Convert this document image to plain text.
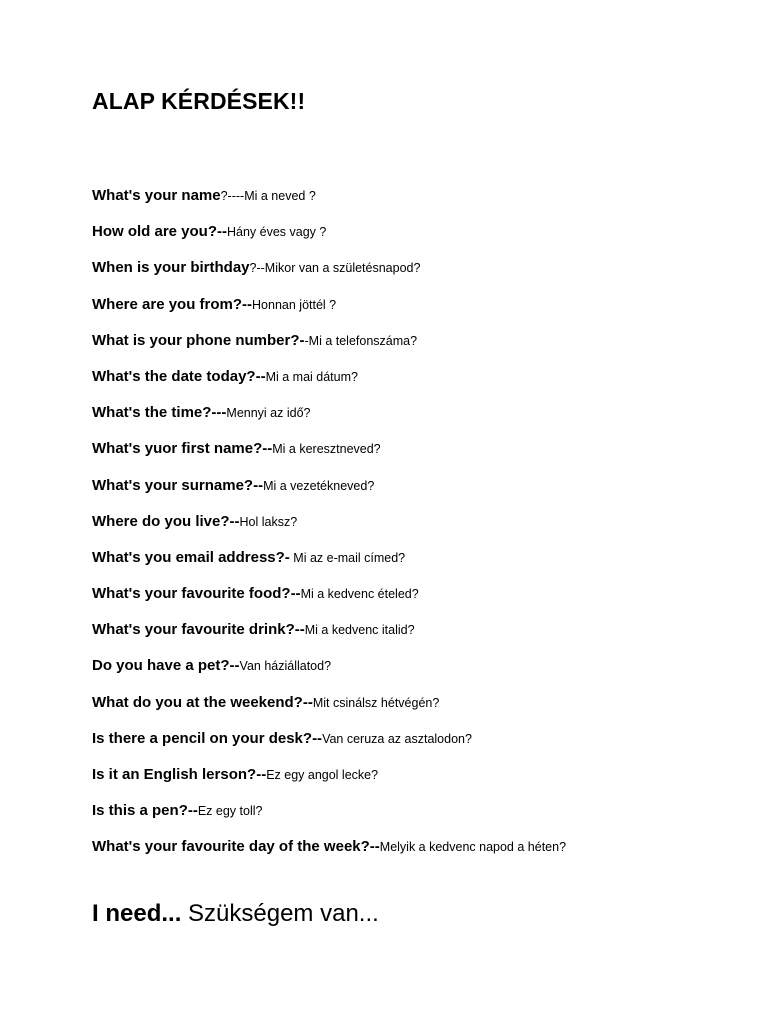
ALAP KÉRDÉSEK!!
What's your name?----Mi a neved ?
How old are you?--Hány éves vagy ?
When is your birthday?--Mikor van a születésnapod?
Where are you from?--Honnan jöttél ?
What is your phone number?--Mi a telefonszáma?
What's the date today?--Mi a mai dátum?
What's the time?---Mennyi az idő?
What's yuor first name?--Mi a keresztneved?
What's your surname?--Mi a vezetékneved?
Where do you live?--Hol laksz?
What's you email address?- Mi az e-mail címed?
What's your favourite food?--Mi a kedvenc ételed?
What's your favourite drink?--Mi a kedvenc italid?
Do you have a pet?--Van háziállatod?
What do you at the weekend?--Mit csinálsz hétvégén?
Is there a pencil on your desk?--Van ceruza az asztalodon?
Is it an English lerson?--Ez egy angol lecke?
Is this a pen?--Ez egy toll?
What's your favourite day of the week?--Melyik a kedvenc napod a héten?
I need... Szükségem van...
